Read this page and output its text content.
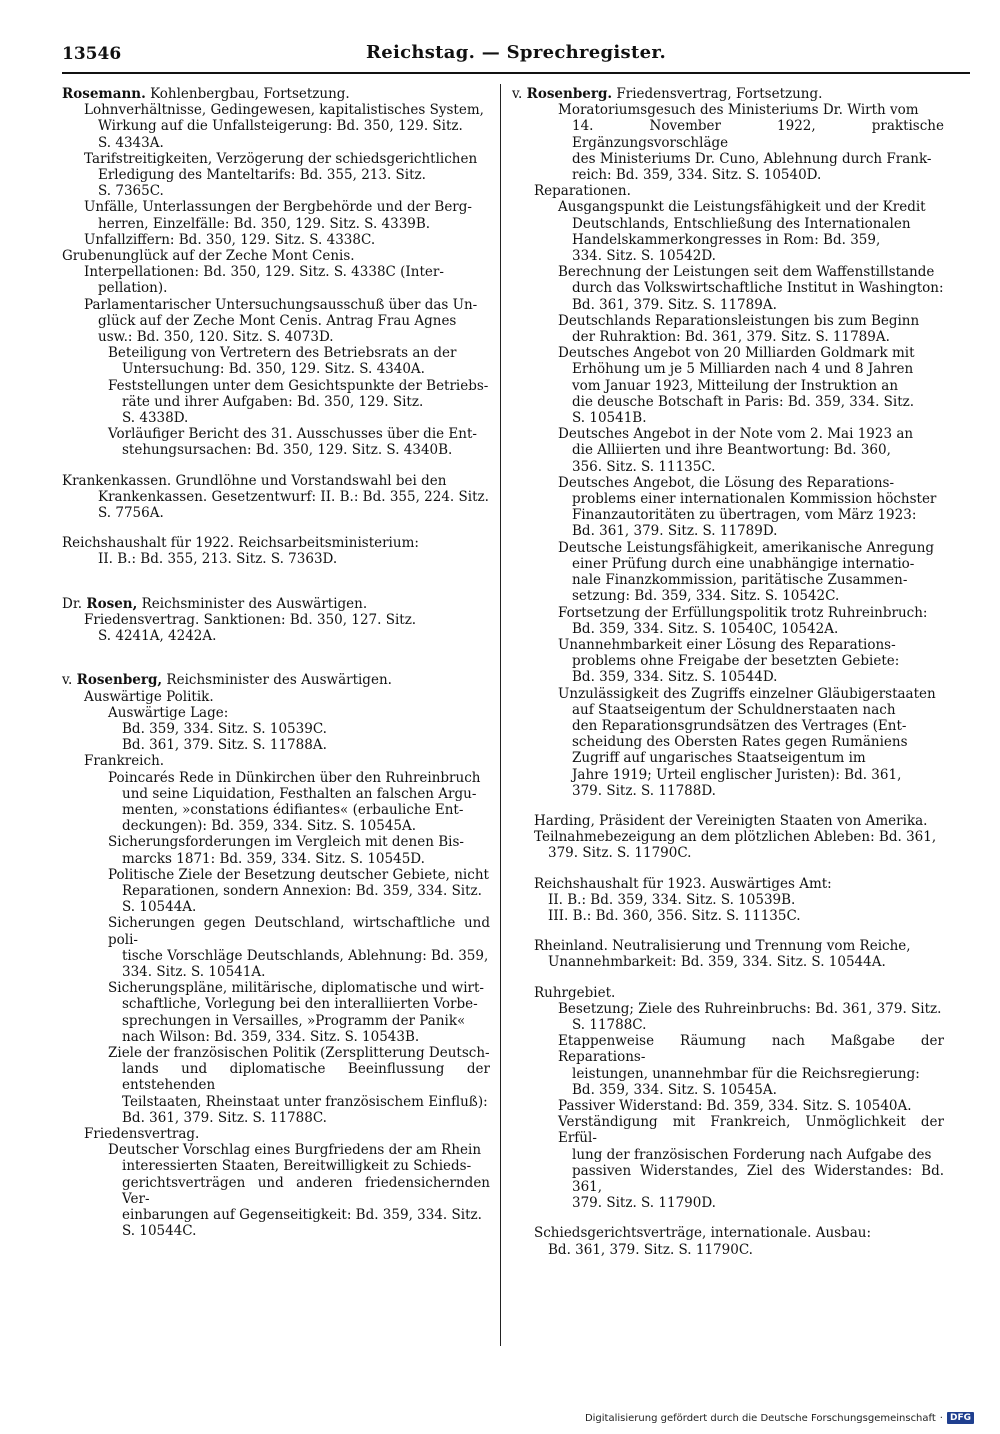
13546	Reichstag. — Sprechregister.
Rosemann. Kohlenbergbau, Fortsetzung.
Lohnverhältnisse, Gedingewesen, kapitalistisches System,
Wirkung auf die Unfallsteigerung: Bd. 350, 129. Sitz.
S. 4343A.
Tarifstreitigkeiten, Verzögerung der schiedsgerichtlichen
Erledigung des Manteltarifs: Bd. 355, 213. Sitz.
S. 7365C.
Unfälle, Unterlassungen der Bergbehörde und der Berg-
herren, Einzelfälle: Bd. 350, 129. Sitz. S. 4339B.
Unfallziffern: Bd. 350, 129. Sitz. S. 4338C.
Grubenunglück auf der Zeche Mont Cenis.
Interpellationen: Bd. 350, 129. Sitz. S. 4338C (Inter-
pellation).
Parlamentarischer Untersuchungsausschuß über das Un-
glück auf der Zeche Mont Cenis. Antrag Frau Agnes
usw.: Bd. 350, 120. Sitz. S. 4073D.
Beteiligung von Vertretern des Betriebsrats an der
Untersuchung: Bd. 350, 129. Sitz. S. 4340A.
Feststellungen unter dem Gesichtspunkte der Betriebs-
räte und ihrer Aufgaben: Bd. 350, 129. Sitz.
S. 4338D.
Vorläufiger Bericht des 31. Ausschusses über die Ent-
stehungsursachen: Bd. 350, 129. Sitz. S. 4340B.
Krankenkassen. Grundlöhne und Vorstandswahl bei den
Krankenkassen. Gesetzentwurf: II. B.: Bd. 355, 224. Sitz.
S. 7756A.
Reichshaushalt für 1922. Reichsarbeitsministerium:
II. B.: Bd. 355, 213. Sitz. S. 7363D.
Dr. Rosen, Reichsminister des Auswärtigen.
Friedensvertrag. Sanktionen: Bd. 350, 127. Sitz.
S. 4241A, 4242A.
v. Rosenberg, Reichsminister des Auswärtigen.
Auswärtige Politik.
Auswärtige Lage:
Bd. 359, 334. Sitz. S. 10539C.
Bd. 361, 379. Sitz. S. 11788A.
Frankreich.
Poincarés Rede in Dünkirchen über den Ruhreinbruch
und seine Liquidation, Festhalten an falschen Argu-
menten, »constations édifiantes« (erbauliche Ent-
deckungen): Bd. 359, 334. Sitz. S. 10545A.
Sicherungsforderungen im Vergleich mit denen Bis-
marcks 1871: Bd. 359, 334. Sitz. S. 10545D.
Politische Ziele der Besetzung deutscher Gebiete, nicht
Reparationen, sondern Annexion: Bd. 359, 334. Sitz.
S. 10544A.
Sicherungen gegen Deutschland, wirtschaftliche und poli-
tische Vorschläge Deutschlands, Ablehnung: Bd. 359,
334. Sitz. S. 10541A.
Sicherungspläne, militärische, diplomatische und wirt-
schaftliche, Vorlegung bei den interalliierten Vorbe-
sprechungen in Versailles, »Programm der Panik«
nach Wilson: Bd. 359, 334. Sitz. S. 10543B.
Ziele der französischen Politik (Zersplitterung Deutsch-
lands und diplomatische Beeinflussung der entstehenden
Teilstaaten, Rheinstaat unter französischem Einfluß):
Bd. 361, 379. Sitz. S. 11788C.
Friedensvertrag.
Deutscher Vorschlag eines Burgfriedens der am Rhein
interessierten Staaten, Bereitwilligkeit zu Schieds-
gerichtsverträgen und anderen friedensichernden Ver-
einbarungen auf Gegenseitigkeit: Bd. 359, 334. Sitz.
S. 10544C.
v. Rosenberg. Friedensvertrag, Fortsetzung.
Moratoriumsgesuch des Ministeriums Dr. Wirth vom
14. November 1922, praktische Ergänzungsvorschläge
des Ministeriums Dr. Cuno, Ablehnung durch Frank-
reich: Bd. 359, 334. Sitz. S. 10540D.
Reparationen.
Ausgangspunkt die Leistungsfähigkeit und der Kredit
Deutschlands, Entschließung des Internationalen
Handelskammerkongresses in Rom: Bd. 359,
334. Sitz. S. 10542D.
Berechnung der Leistungen seit dem Waffenstillstande
durch das Volkswirtschaftliche Institut in Washington:
Bd. 361, 379. Sitz. S. 11789A.
Deutschlands Reparationsleistungen bis zum Beginn
der Ruhraktion: Bd. 361, 379. Sitz. S. 11789A.
Deutsches Angebot von 20 Milliarden Goldmark mit
Erhöhung um je 5 Milliarden nach 4 und 8 Jahren
vom Januar 1923, Mitteilung der Instruktion an
die deusche Botschaft in Paris: Bd. 359, 334. Sitz.
S. 10541B.
Deutsches Angebot in der Note vom 2. Mai 1923 an
die Alliierten und ihre Beantwortung: Bd. 360,
356. Sitz. S. 11135C.
Deutsches Angebot, die Lösung des Reparations-
problems einer internationalen Kommission höchster
Finanzautoritäten zu übertragen, vom März 1923:
Bd. 361, 379. Sitz. S. 11789D.
Deutsche Leistungsfähigkeit, amerikanische Anregung
einer Prüfung durch eine unabhängige internatio-
nale Finanzkommission, paritätische Zusammen-
setzung: Bd. 359, 334. Sitz. S. 10542C.
Fortsetzung der Erfüllungspolitik trotz Ruhreinbruch:
Bd. 359, 334. Sitz. S. 10540C, 10542A.
Unannehmbarkeit einer Lösung des Reparations-
problems ohne Freigabe der besetzten Gebiete:
Bd. 359, 334. Sitz. S. 10544D.
Unzulässigkeit des Zugriffs einzelner Gläubigerstaaten
auf Staatseigentum der Schuldnerstaaten nach
den Reparationsgrundsätzen des Vertrages (Ent-
scheidung des Obersten Rates gegen Rumäniens
Zugriff auf ungarisches Staatseigentum im
Jahre 1919; Urteil englischer Juristen): Bd. 361,
379. Sitz. S. 11788D.
Harding, Präsident der Vereinigten Staaten von Amerika.
Teilnahmebezeigung an dem plötzlichen Ableben: Bd. 361,
379. Sitz. S. 11790C.
Reichshaushalt für 1923. Auswärtiges Amt:
II. B.: Bd. 359, 334. Sitz. S. 10539B.
III. B.: Bd. 360, 356. Sitz. S. 11135C.
Rheinland. Neutralisierung und Trennung vom Reiche,
Unannehmbarkeit: Bd. 359, 334. Sitz. S. 10544A.
Ruhrgebiet.
Besetzung; Ziele des Ruhreinbruchs: Bd. 361, 379. Sitz.
S. 11788C.
Etappenweise Räumung nach Maßgabe der Reparations-
leistungen, unannehmbar für die Reichsregierung:
Bd. 359, 334. Sitz. S. 10545A.
Passiver Widerstand: Bd. 359, 334. Sitz. S. 10540A.
Verständigung mit Frankreich, Unmöglichkeit der Erfül-
lung der französischen Forderung nach Aufgabe des
passiven Widerstandes, Ziel des Widerstandes: Bd. 361,
379. Sitz. S. 11790D.
Schiedsgerichtsverträge, internationale. Ausbau:
Bd. 361, 379. Sitz. S. 11790C.
Digitalisierung gefördert durch die Deutsche Forschungsgemeinschaft · DFG
